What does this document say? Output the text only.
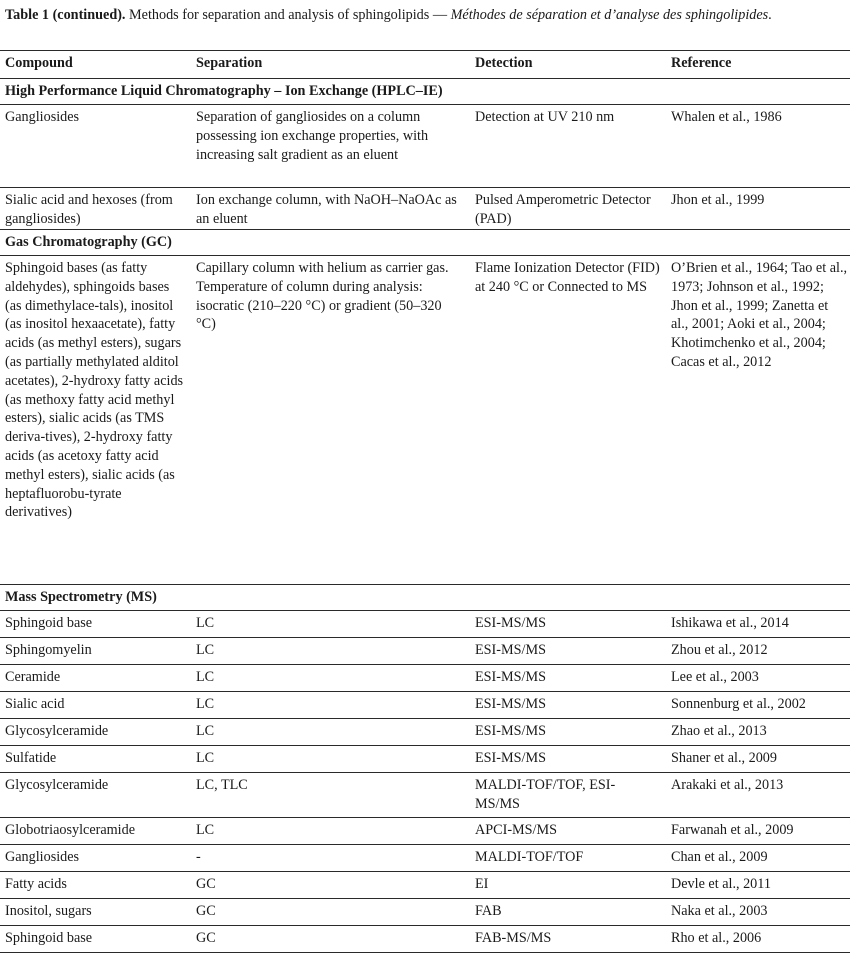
Table 1 (continued). Methods for separation and analysis of sphingolipids — Méthodes de séparation et d’analyse des sphingolipides.
Compound	Separation	Detection	Reference
High Performance Liquid Chromatography – Ion Exchange (HPLC–IE)			
Gangliosides	Separation of gangliosides on a column possessing ion exchange properties, with increasing salt gradient as an eluent	Detection at UV 210 nm	Whalen et al., 1986
Sialic acid and hexoses (from gangliosides)	Ion exchange column, with NaOH–NaOAc as an eluent	Pulsed Amperometric Detector (PAD)	Jhon et al., 1999
Gas Chromatography (GC)			
Sphingoid bases (as fatty aldehydes), sphingoids bases (as dimethylace-tals), inositol (as inositol hexaacetate), fatty acids (as methyl esters), sugars (as partially methylated alditol acetates), 2-hydroxy fatty acids (as methoxy fatty acid methyl esters), sialic acids (as TMS deriva-tives), 2-hydroxy fatty acids (as acetoxy fatty acid methyl esters), sialic acids (as heptafluorobu-tyrate derivatives)	Capillary column with helium as carrier gas. Temperature of column during analysis: isocratic (210–220 °C) or gradient (50–320 °C)	Flame Ionization Detector (FID) at 240 °C or Connected to MS	O’Brien et al., 1964; Tao et al., 1973; Johnson et al., 1992; Jhon et al., 1999; Zanetta et al., 2001; Aoki et al., 2004; Khotimchenko et al., 2004; Cacas et al., 2012
Mass Spectrometry (MS)			
Sphingoid base	LC	ESI-MS/MS	Ishikawa et al., 2014
Sphingomyelin	LC	ESI-MS/MS	Zhou et al., 2012
Ceramide	LC	ESI-MS/MS	Lee et al., 2003
Sialic acid	LC	ESI-MS/MS	Sonnenburg et al., 2002
Glycosylceramide	LC	ESI-MS/MS	Zhao et al., 2013
Sulfatide	LC	ESI-MS/MS	Shaner et al., 2009
Glycosylceramide	LC, TLC	MALDI-TOF/TOF, ESI-MS/MS	Arakaki et al., 2013
Globotriaosylceramide	LC	APCI-MS/MS	Farwanah et al., 2009
Gangliosides	-	MALDI-TOF/TOF	Chan et al., 2009
Fatty acids	GC	EI	Devle et al., 2011
Inositol, sugars	GC	FAB	Naka et al., 2003
Sphingoid base	GC	FAB-MS/MS	Rho et al., 2006
